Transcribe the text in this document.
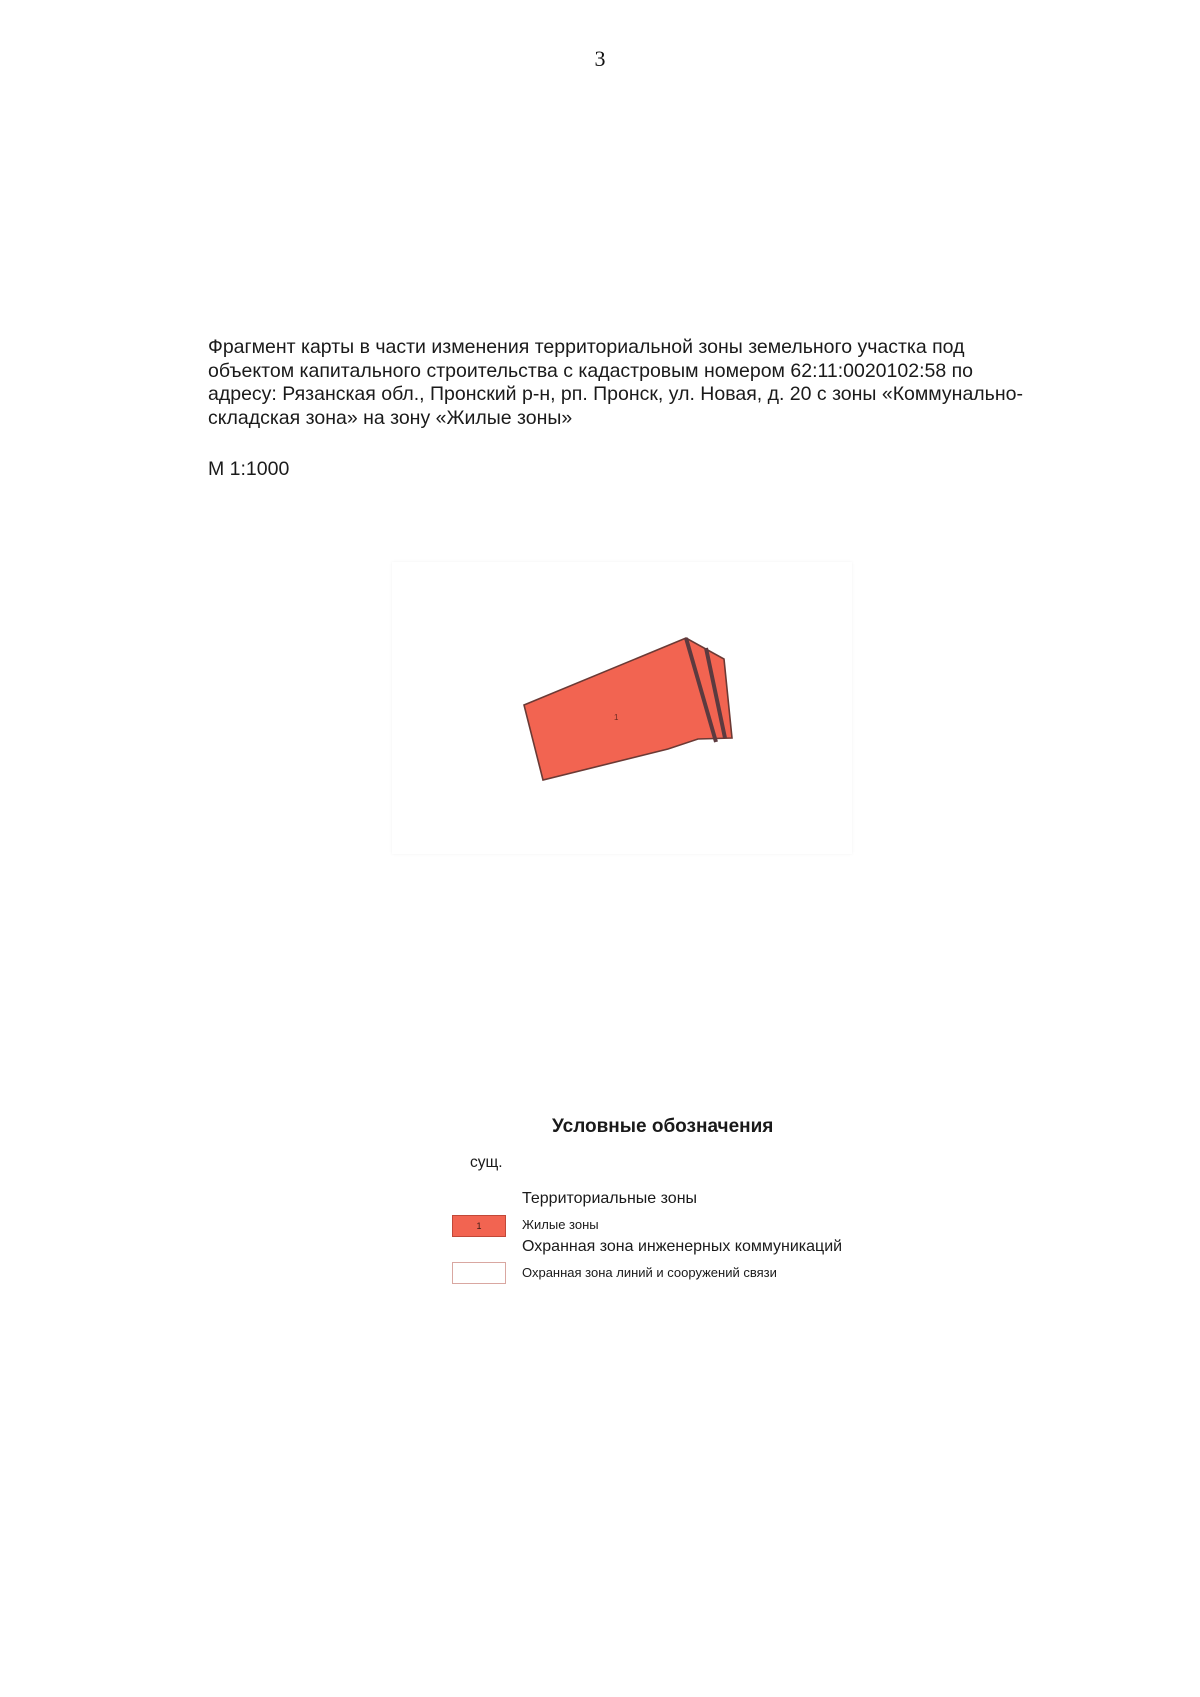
3

Фрагмент карты в части изменения территориальной зоны земельного участка под
объектом капитального строительства с кадастровым номером 62:11:0020102:58 по
адресу: Рязанская обл., Пронский р-н, рп. Пронск, ул. Новая, д. 20 с зоны «Коммунально-
складская зона» на зону «Жилые зоны»

М 1:1000
1
Условные обозначения
сущ.
Территориальные зоны
1	Жилые зоны
Охранная зона инженерных коммуникаций
Охранная зона линий и сооружений связи
